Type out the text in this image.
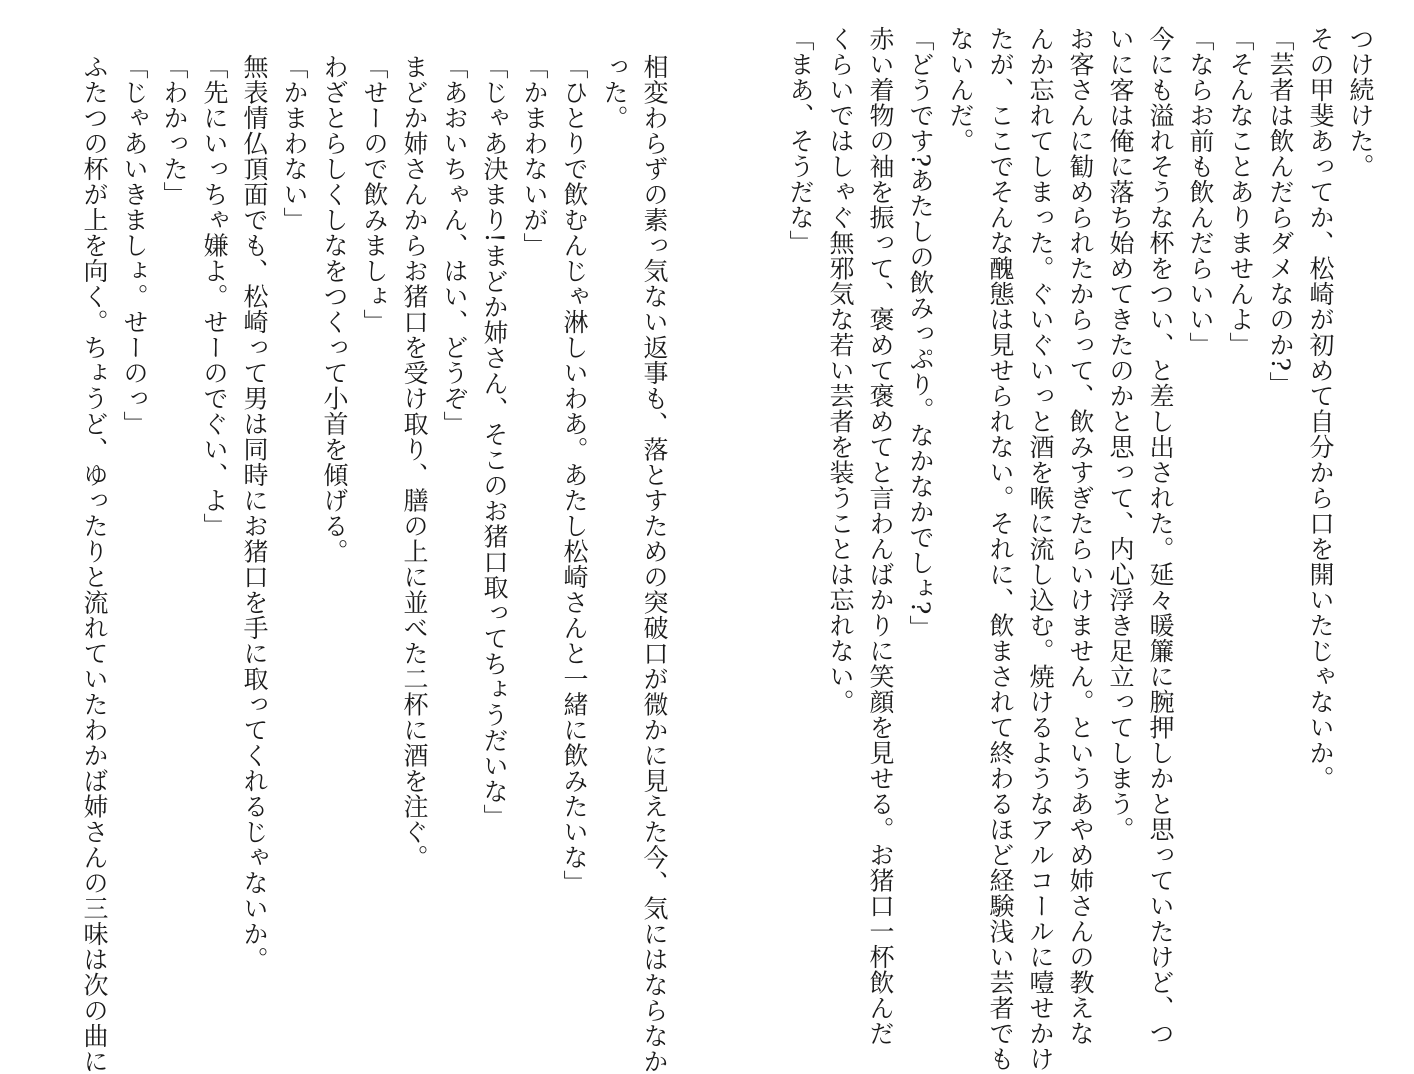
つけ続けた。
その甲斐あってか、松崎が初めて自分から口を開いたじゃないか。
「芸者は飲んだらダメなのか?」
「そんなことありませんよ」
「ならお前も飲んだらいい」
今にも溢れそうな杯をつい、と差し出された。延々暖簾に腕押しかと思っていたけど、つ
いに客は俺に落ち始めてきたのかと思って、内心浮き足立ってしまう。
お客さんに勧められたからって、飲みすぎたらいけません。というあやめ姉さんの教えな
んか忘れてしまった。ぐいぐいっと酒を喉に流し込む。焼けるようなアルコールに噎せかけ
たが、ここでそんな醜態は見せられない。それに、飲まされて終わるほど経験浅い芸者でも
ないんだ。
「どうです?あたしの飲みっぷり。なかなかでしょ?」
赤い着物の袖を振って、褒めて褒めてと言わんばかりに笑顔を見せる。お猪口一杯飲んだ
くらいではしゃぐ無邪気な若い芸者を装うことは忘れない。
「まあ、そうだな」
相変わらずの素っ気ない返事も、落とすための突破口が微かに見えた今、気にはならなか
った。
「ひとりで飲むんじゃ淋しいわあ。あたし松崎さんと一緒に飲みたいな」
「かまわないが」
「じゃあ決まり!まどか姉さん、そこのお猪口取ってちょうだいな」
「あおいちゃん、はい、どうぞ」
まどか姉さんからお猪口を受け取り、膳の上に並べた二杯に酒を注ぐ。
「せーので飲みましょ」
わざとらしくしなをつくって小首を傾げる。
「かまわない」
無表情仏頂面でも、松崎って男は同時にお猪口を手に取ってくれるじゃないか。
「先にいっちゃ嫌よ。せーのでぐい、よ」
「わかった」
「じゃあいきましょ。せーのっ」
ふたつの杯が上を向く。ちょうど、ゆったりと流れていたわかば姉さんの三味は次の曲に
